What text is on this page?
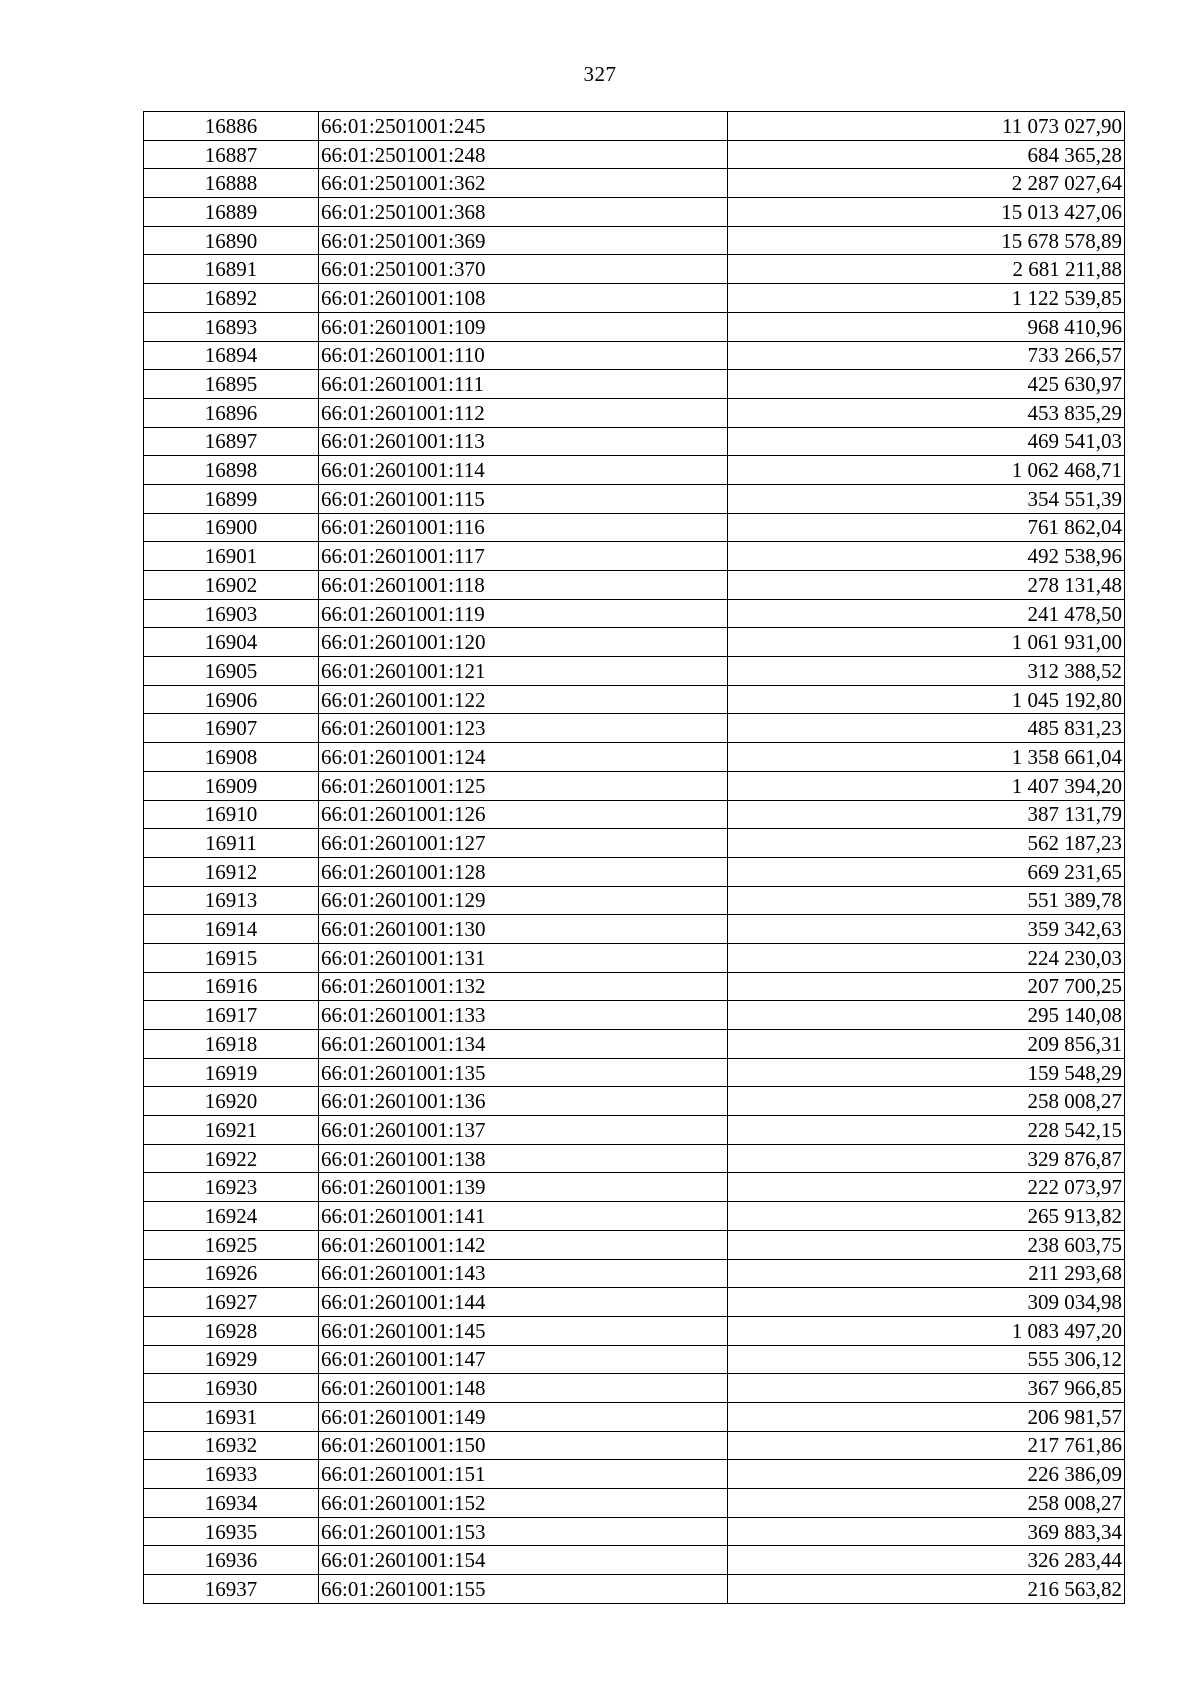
327
16886	66:01:2501001:245	11 073 027,90
16887	66:01:2501001:248	684 365,28
16888	66:01:2501001:362	2 287 027,64
16889	66:01:2501001:368	15 013 427,06
16890	66:01:2501001:369	15 678 578,89
16891	66:01:2501001:370	2 681 211,88
16892	66:01:2601001:108	1 122 539,85
16893	66:01:2601001:109	968 410,96
16894	66:01:2601001:110	733 266,57
16895	66:01:2601001:111	425 630,97
16896	66:01:2601001:112	453 835,29
16897	66:01:2601001:113	469 541,03
16898	66:01:2601001:114	1 062 468,71
16899	66:01:2601001:115	354 551,39
16900	66:01:2601001:116	761 862,04
16901	66:01:2601001:117	492 538,96
16902	66:01:2601001:118	278 131,48
16903	66:01:2601001:119	241 478,50
16904	66:01:2601001:120	1 061 931,00
16905	66:01:2601001:121	312 388,52
16906	66:01:2601001:122	1 045 192,80
16907	66:01:2601001:123	485 831,23
16908	66:01:2601001:124	1 358 661,04
16909	66:01:2601001:125	1 407 394,20
16910	66:01:2601001:126	387 131,79
16911	66:01:2601001:127	562 187,23
16912	66:01:2601001:128	669 231,65
16913	66:01:2601001:129	551 389,78
16914	66:01:2601001:130	359 342,63
16915	66:01:2601001:131	224 230,03
16916	66:01:2601001:132	207 700,25
16917	66:01:2601001:133	295 140,08
16918	66:01:2601001:134	209 856,31
16919	66:01:2601001:135	159 548,29
16920	66:01:2601001:136	258 008,27
16921	66:01:2601001:137	228 542,15
16922	66:01:2601001:138	329 876,87
16923	66:01:2601001:139	222 073,97
16924	66:01:2601001:141	265 913,82
16925	66:01:2601001:142	238 603,75
16926	66:01:2601001:143	211 293,68
16927	66:01:2601001:144	309 034,98
16928	66:01:2601001:145	1 083 497,20
16929	66:01:2601001:147	555 306,12
16930	66:01:2601001:148	367 966,85
16931	66:01:2601001:149	206 981,57
16932	66:01:2601001:150	217 761,86
16933	66:01:2601001:151	226 386,09
16934	66:01:2601001:152	258 008,27
16935	66:01:2601001:153	369 883,34
16936	66:01:2601001:154	326 283,44
16937	66:01:2601001:155	216 563,82
